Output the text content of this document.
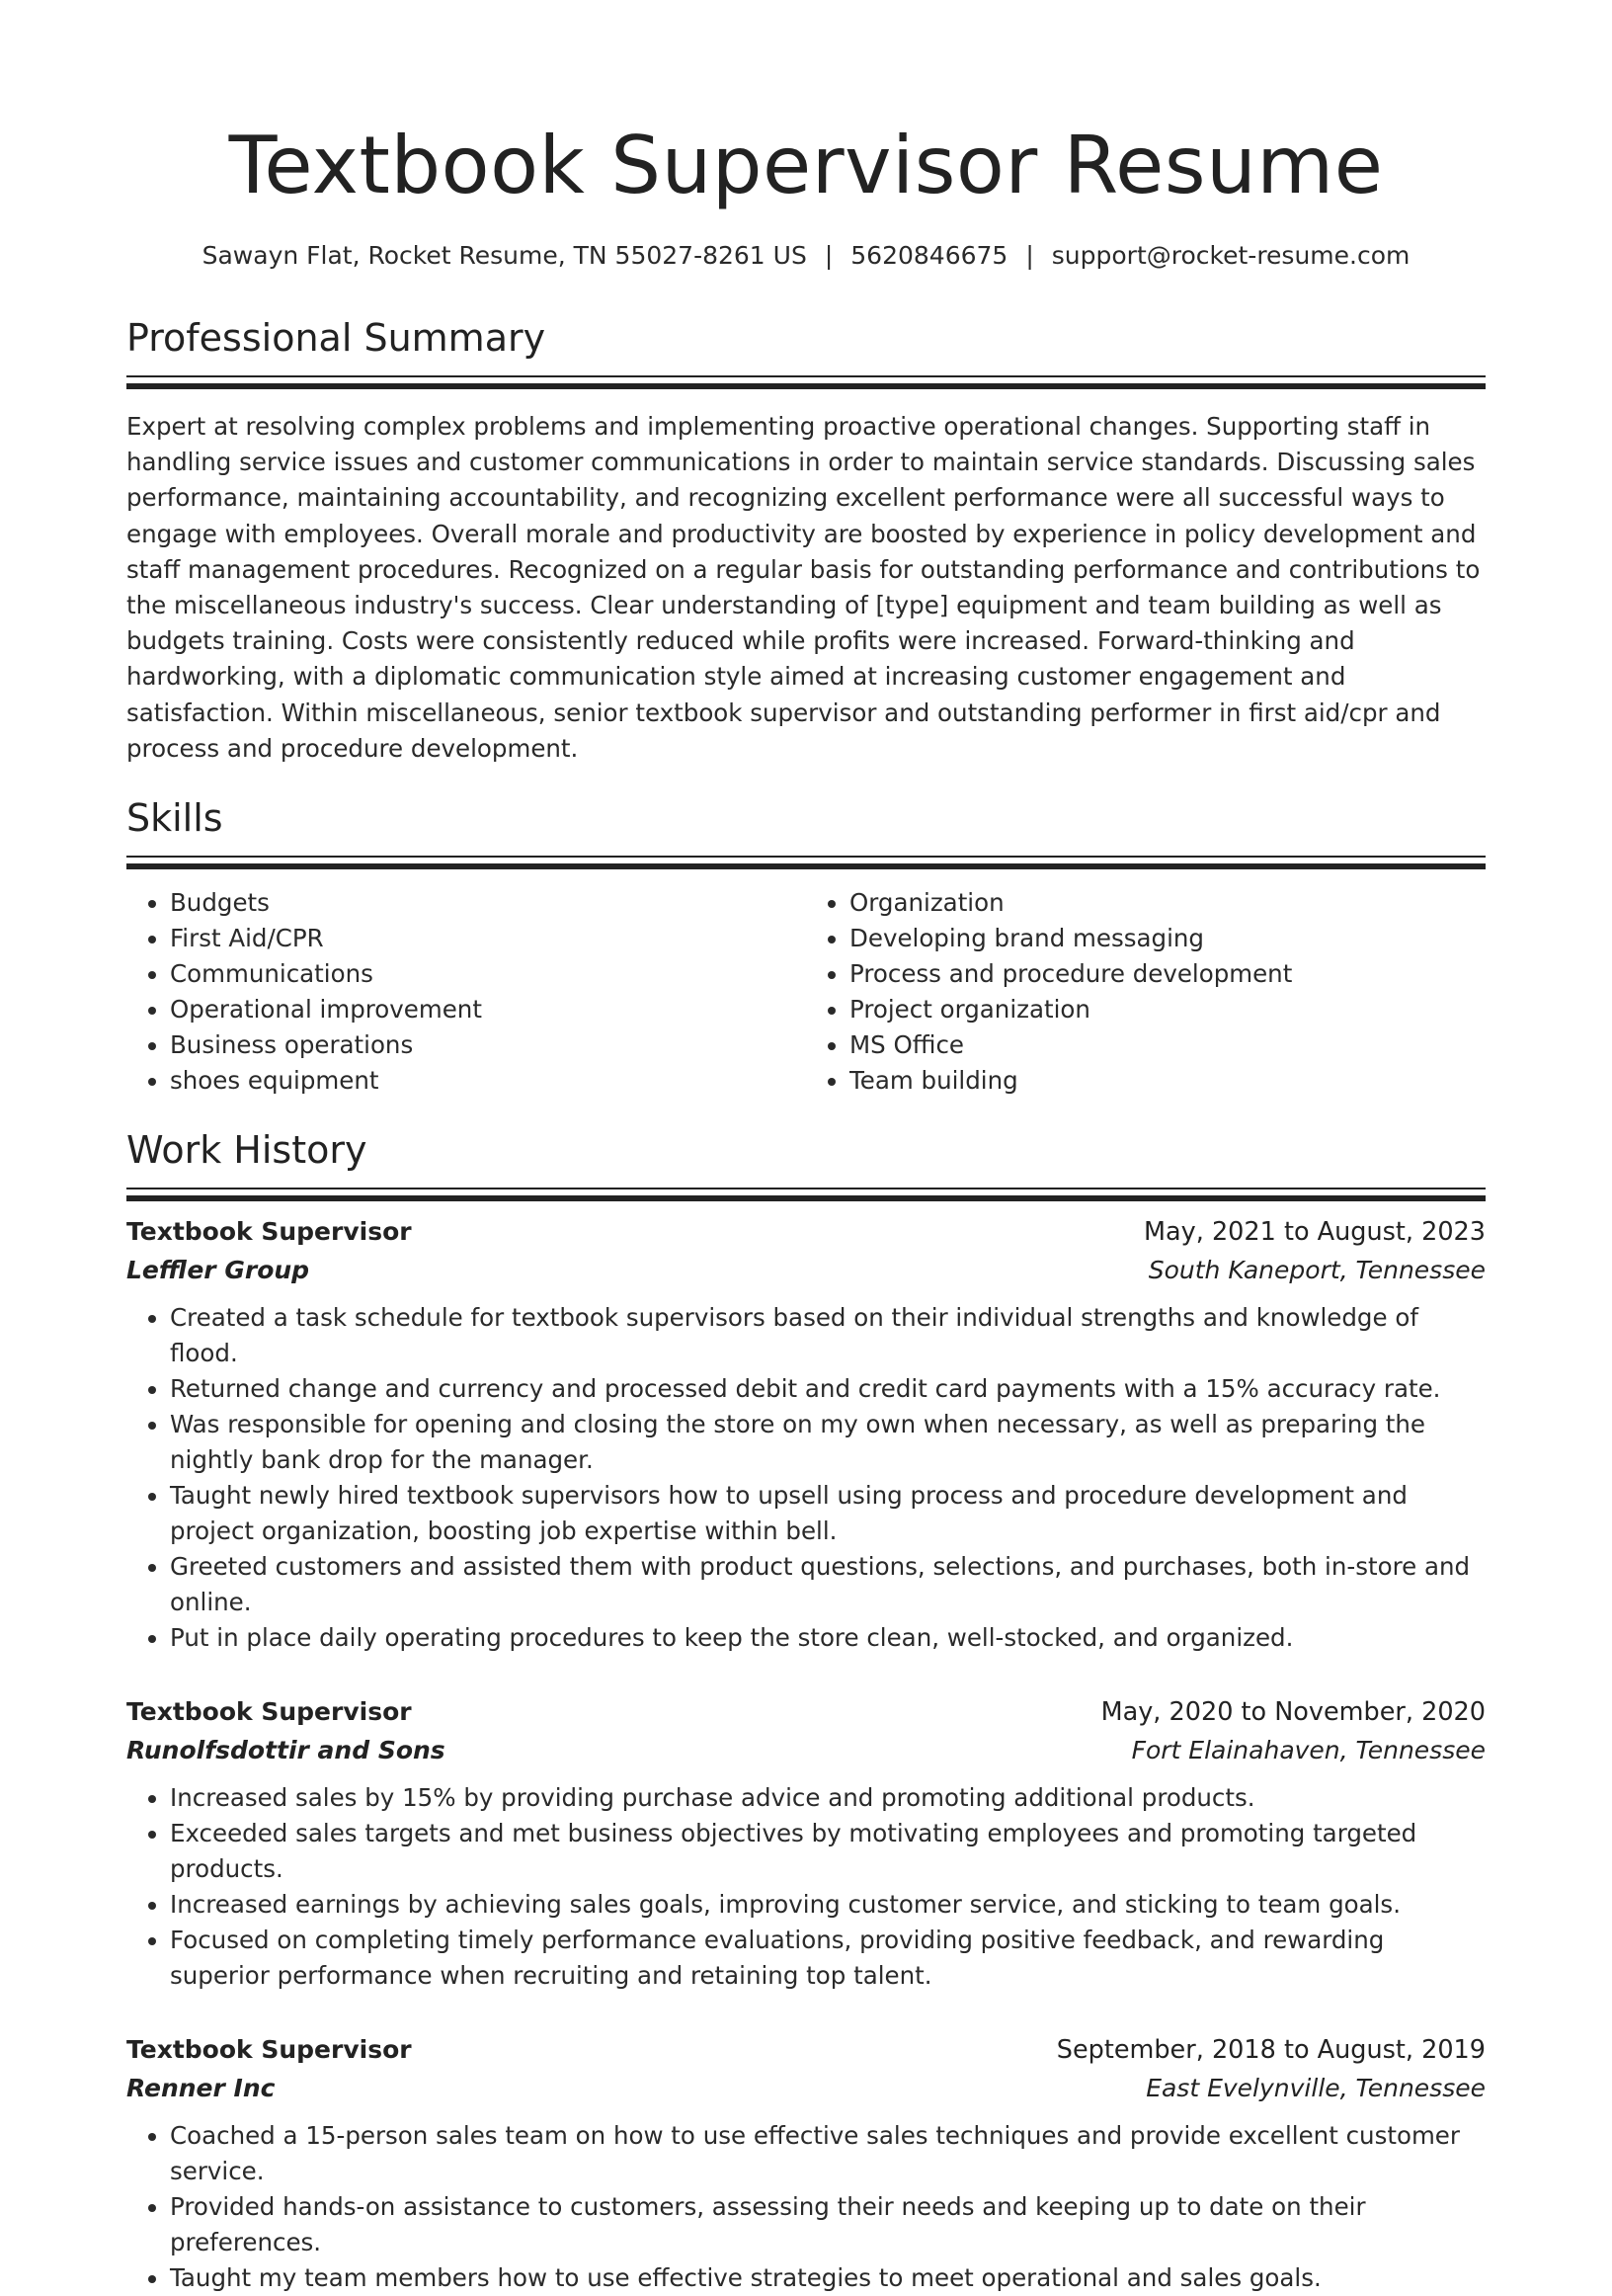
Textbook Supervisor Resume
Sawayn Flat, Rocket Resume, TN 55027-8261 US | 5620846675 | support@rocket-resume.com
Professional Summary

Expert at resolving complex problems and implementing proactive operational changes. Supporting staff in handling service issues and customer communications in order to maintain service standards. Discussing sales performance, maintaining accountability, and recognizing excellent performance were all successful ways to engage with employees. Overall morale and productivity are boosted by experience in policy development and staff management procedures. Recognized on a regular basis for outstanding performance and contributions to the miscellaneous industry's success. Clear understanding of [type] equipment and team building as well as budgets training. Costs were consistently reduced while profits were increased. Forward-thinking and hardworking, with a diplomatic communication style aimed at increasing customer engagement and satisfaction. Within miscellaneous, senior textbook supervisor and outstanding performer in first aid/cpr and process and procedure development.

Skills
• Budgets
• First Aid/CPR
• Communications
• Operational improvement
• Business operations
• shoes equipment
• Organization
• Developing brand messaging
• Process and procedure development
• Project organization
• MS Office
• Team building
Work History
Textbook Supervisor	May, 2021 to August, 2023
Leffler Group	South Kaneport, Tennessee
• Created a task schedule for textbook supervisors based on their individual strengths and knowledge of flood.
• Returned change and currency and processed debit and credit card payments with a 15% accuracy rate.
• Was responsible for opening and closing the store on my own when necessary, as well as preparing the nightly bank drop for the manager.
• Taught newly hired textbook supervisors how to upsell using process and procedure development and project organization, boosting job expertise within bell.
• Greeted customers and assisted them with product questions, selections, and purchases, both in-store and online.
• Put in place daily operating procedures to keep the store clean, well-stocked, and organized.
Textbook Supervisor	May, 2020 to November, 2020
Runolfsdottir and Sons	Fort Elainahaven, Tennessee
• Increased sales by 15% by providing purchase advice and promoting additional products.
• Exceeded sales targets and met business objectives by motivating employees and promoting targeted products.
• Increased earnings by achieving sales goals, improving customer service, and sticking to team goals.
• Focused on completing timely performance evaluations, providing positive feedback, and rewarding superior performance when recruiting and retaining top talent.
Textbook Supervisor	September, 2018 to August, 2019
Renner Inc	East Evelynville, Tennessee
• Coached a 15-person sales team on how to use effective sales techniques and provide excellent customer service.
• Provided hands-on assistance to customers, assessing their needs and keeping up to date on their preferences.
• Taught my team members how to use effective strategies to meet operational and sales goals.
